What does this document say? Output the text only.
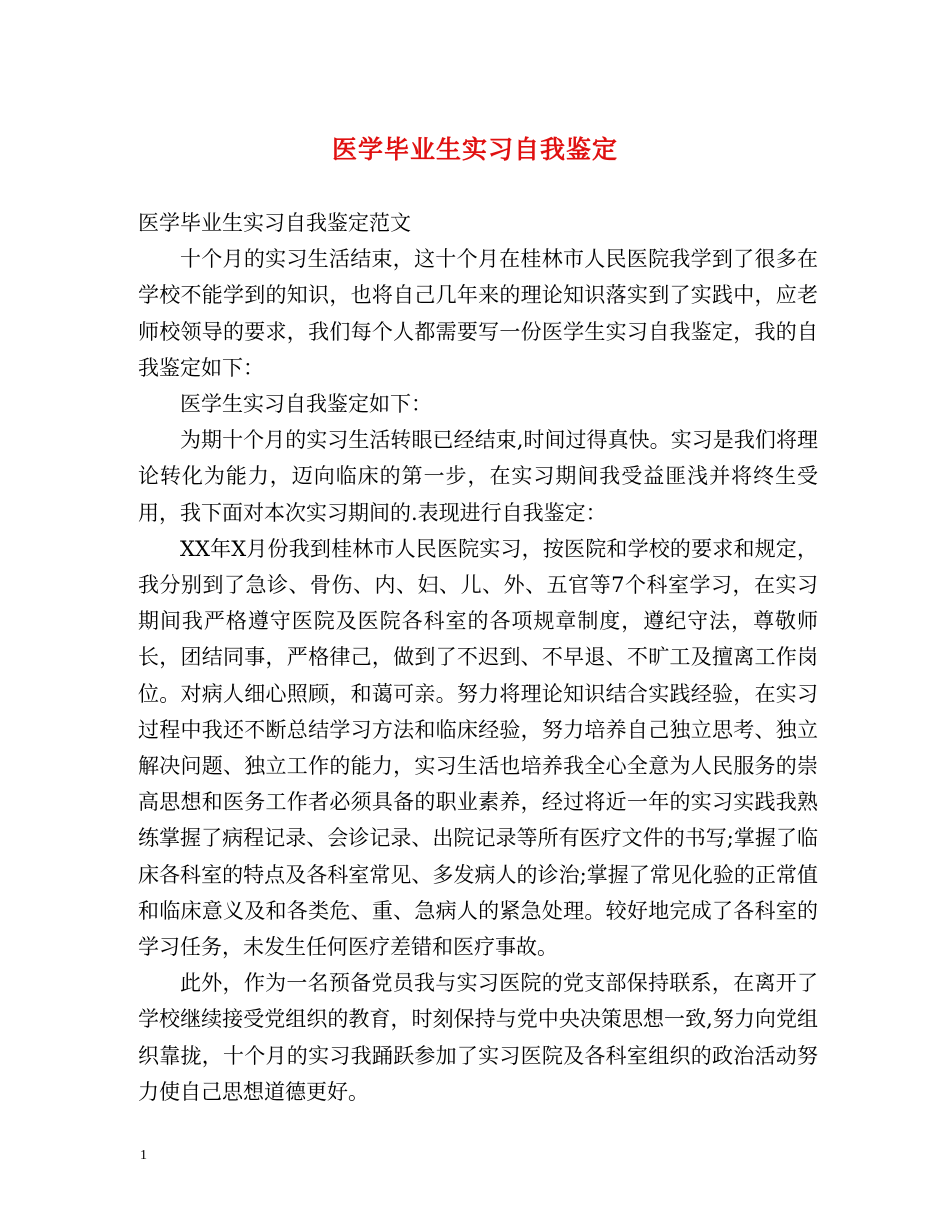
医学毕业生实习自我鉴定

医学毕业生实习自我鉴定范文

十个月的实习生活结束，这十个月在桂林市人民医院我学到了很多在学校不能学到的知识，也将自己几年来的理论知识落实到了实践中，应老师校领导的要求，我们每个人都需要写一份医学生实习自我鉴定，我的自我鉴定如下：

医学生实习自我鉴定如下：

为期十个月的实习生活转眼已经结束,时间过得真快。实习是我们将理论转化为能力，迈向临床的第一步，在实习期间我受益匪浅并将终生受用，我下面对本次实习期间的.表现进行自我鉴定：

XX年X月份我到桂林市人民医院实习，按医院和学校的要求和规定，我分别到了急诊、骨伤、内、妇、儿、外、五官等7个科室学习，在实习期间我严格遵守医院及医院各科室的各项规章制度，遵纪守法，尊敬师长，团结同事，严格律己，做到了不迟到、不早退、不旷工及擅离工作岗位。对病人细心照顾，和蔼可亲。努力将理论知识结合实践经验，在实习过程中我还不断总结学习方法和临床经验，努力培养自己独立思考、独立解决问题、独立工作的能力，实习生活也培养我全心全意为人民服务的崇高思想和医务工作者必须具备的职业素养，经过将近一年的实习实践我熟练掌握了病程记录、会诊记录、出院记录等所有医疗文件的书写;掌握了临床各科室的特点及各科室常见、多发病人的诊治;掌握了常见化验的正常值和临床意义及和各类危、重、急病人的紧急处理。较好地完成了各科室的学习任务，未发生任何医疗差错和医疗事故。

此外，作为一名预备党员我与实习医院的党支部保持联系，在离开了学校继续接受党组织的教育，时刻保持与党中央决策思想一致,努力向党组织靠拢，十个月的实习我踊跃参加了实习医院及各科室组织的政治活动努力使自己思想道德更好。

1
